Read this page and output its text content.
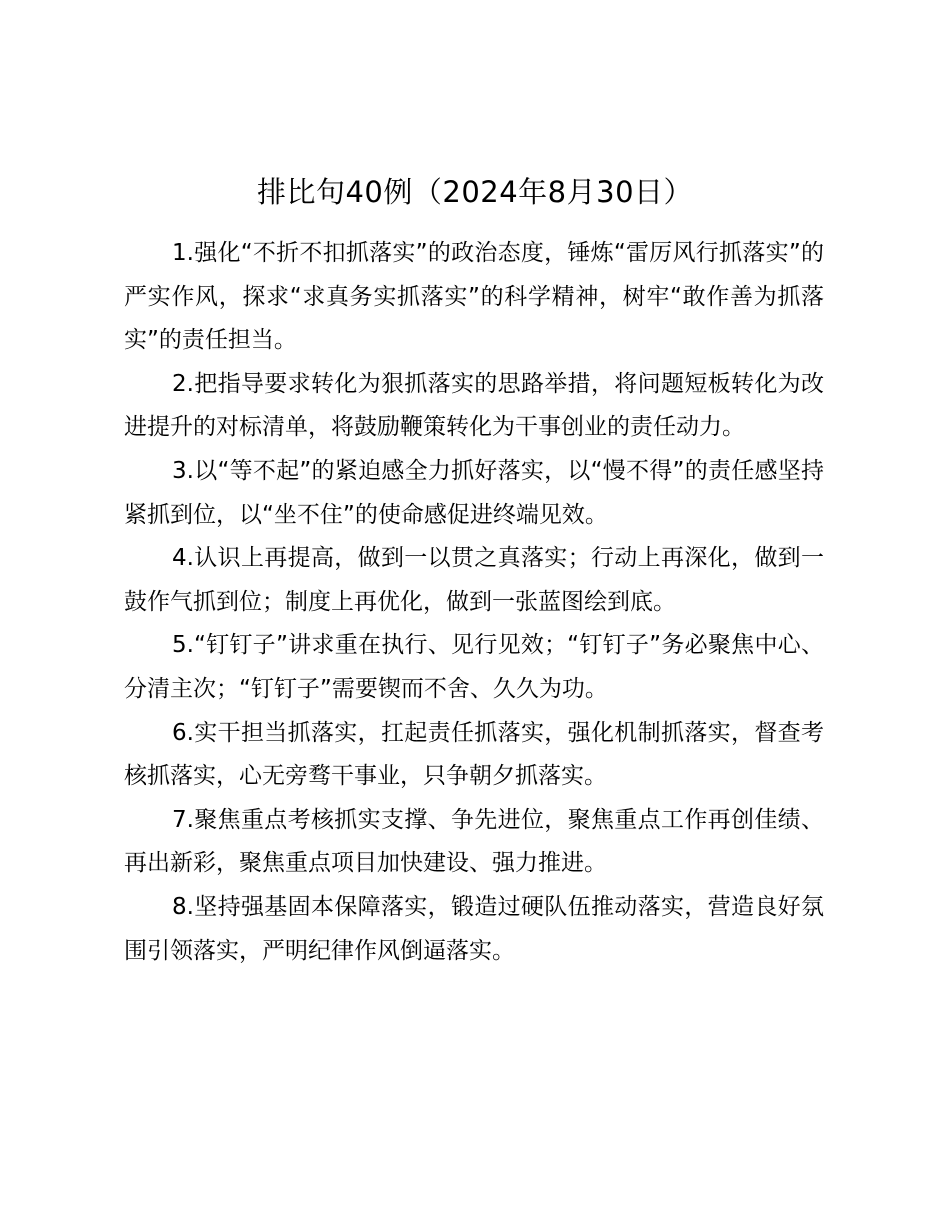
排比句40例（2024年8月30日）

1.强化“不折不扣抓落实”的政治态度，锤炼“雷厉风行抓落实”的严实作风，探求“求真务实抓落实”的科学精神，树牢“敢作善为抓落实”的责任担当。

2.把指导要求转化为狠抓落实的思路举措，将问题短板转化为改进提升的对标清单，将鼓励鞭策转化为干事创业的责任动力。

3.以“等不起”的紧迫感全力抓好落实，以“慢不得”的责任感坚持紧抓到位，以“坐不住”的使命感促进终端见效。

4.认识上再提高，做到一以贯之真落实；行动上再深化，做到一鼓作气抓到位；制度上再优化，做到一张蓝图绘到底。

5.“钉钉子”讲求重在执行、见行见效；“钉钉子”务必聚焦中心、分清主次；“钉钉子”需要锲而不舍、久久为功。

6.实干担当抓落实，扛起责任抓落实，强化机制抓落实，督查考核抓落实，心无旁骛干事业，只争朝夕抓落实。

7.聚焦重点考核抓实支撑、争先进位，聚焦重点工作再创佳绩、再出新彩，聚焦重点项目加快建设、强力推进。

8.坚持强基固本保障落实，锻造过硬队伍推动落实，营造良好氛围引领落实，严明纪律作风倒逼落实。
